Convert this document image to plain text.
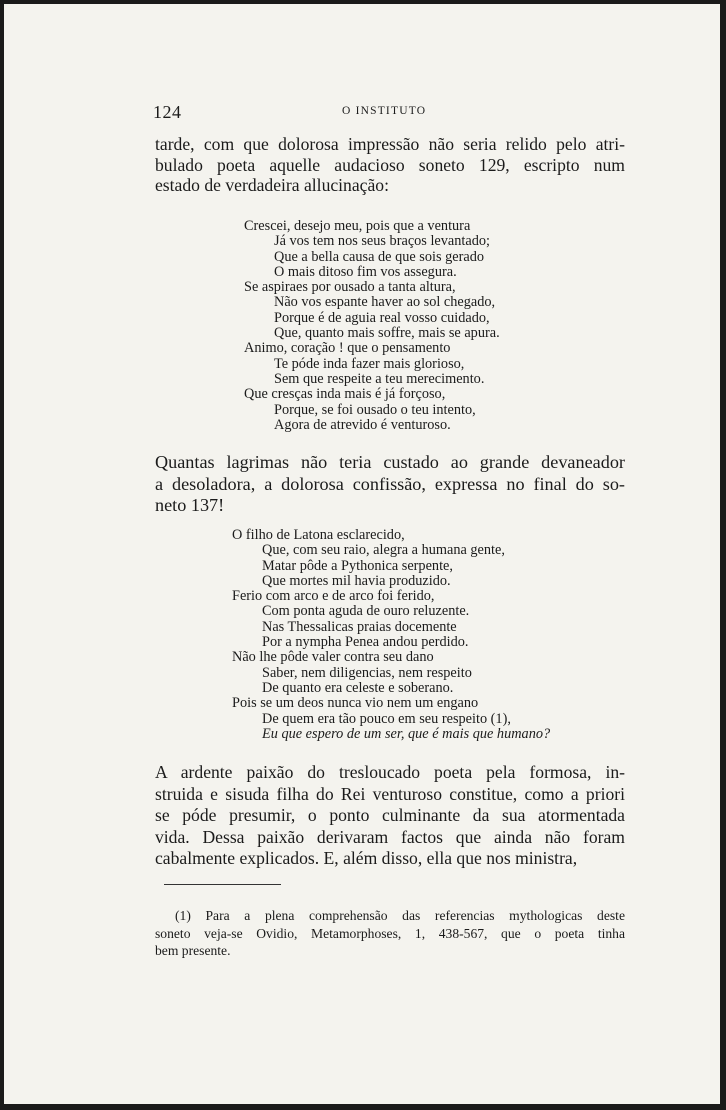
124	O INSTITUTO

tarde, com que dolorosa impressão não seria relido pelo atri-
bulado poeta aquelle audacioso soneto 129, escripto num
estado de verdadeira allucinação:

Crescei, desejo meu, pois que a ventura
Já vos tem nos seus braços levantado;
Que a bella causa de que sois gerado
O mais ditoso fim vos assegura.
Se aspiraes por ousado a tanta altura,
Não vos espante haver ao sol chegado,
Porque é de aguia real vosso cuidado,
Que, quanto mais soffre, mais se apura.
Animo, coração ! que o pensamento
Te póde inda fazer mais glorioso,
Sem que respeite a teu merecimento.
Que cresças inda mais é já forçoso,
Porque, se foi ousado o teu intento,
Agora de atrevido é venturoso.

Quantas lagrimas não teria custado ao grande devaneador
a desoladora, a dolorosa confissão, expressa no final do so-
neto 137!

O filho de Latona esclarecido,
Que, com seu raio, alegra a humana gente,
Matar pôde a Pythonica serpente,
Que mortes mil havia produzido.
Ferio com arco e de arco foi ferido,
Com ponta aguda de ouro reluzente.
Nas Thessalicas praias docemente
Por a nympha Penea andou perdido.
Não lhe pôde valer contra seu dano
Saber, nem diligencias, nem respeito
De quanto era celeste e soberano.
Pois se um deos nunca vio nem um engano
De quem era tão pouco em seu respeito (1),
Eu que espero de um ser, que é mais que humano?

A ardente paixão do tresloucado poeta pela formosa, in-
struida e sisuda filha do Rei venturoso constitue, como a priori
se póde presumir, o ponto culminante da sua atormentada
vida. Dessa paixão derivaram factos que ainda não foram
cabalmente explicados. E, além disso, ella que nos ministra,

(1) Para a plena comprehensão das referencias mythologicas deste
soneto veja-se Ovidio, Metamorphoses, 1, 438-567, que o poeta tinha
bem presente.
